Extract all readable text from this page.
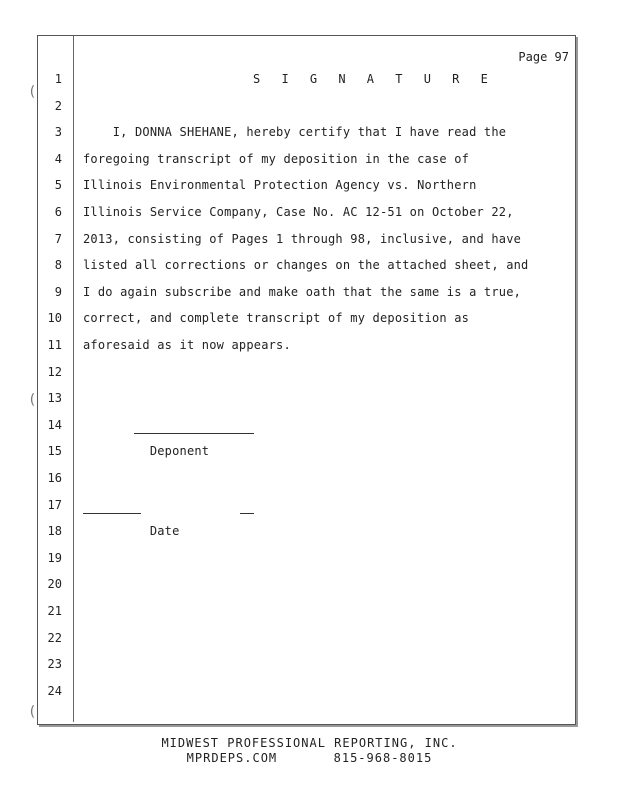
(
(
(
Page 97
1	S I G N A T U R E
2
3 I, DONNA SHEHANE, hereby certify that I have read the
4 foregoing transcript of my deposition in the case of
5 Illinois Environmental Protection Agency vs. Northern
6 Illinois Service Company, Case No. AC 12-51 on October 22,
7 2013, consisting of Pages 1 through 98, inclusive, and have
8 listed all corrections or changes on the attached sheet, and
9 I do again subscribe and make oath that the same is a true,
10 correct, and complete transcript of my deposition as
11 aforesaid as it now appears.
12
13
14
15 Deponent
16
17
18 Date
19
20
21
22
23
24
MIDWEST PROFESSIONAL REPORTING, INC.
MPRDEPS.COM	815-968-8015
